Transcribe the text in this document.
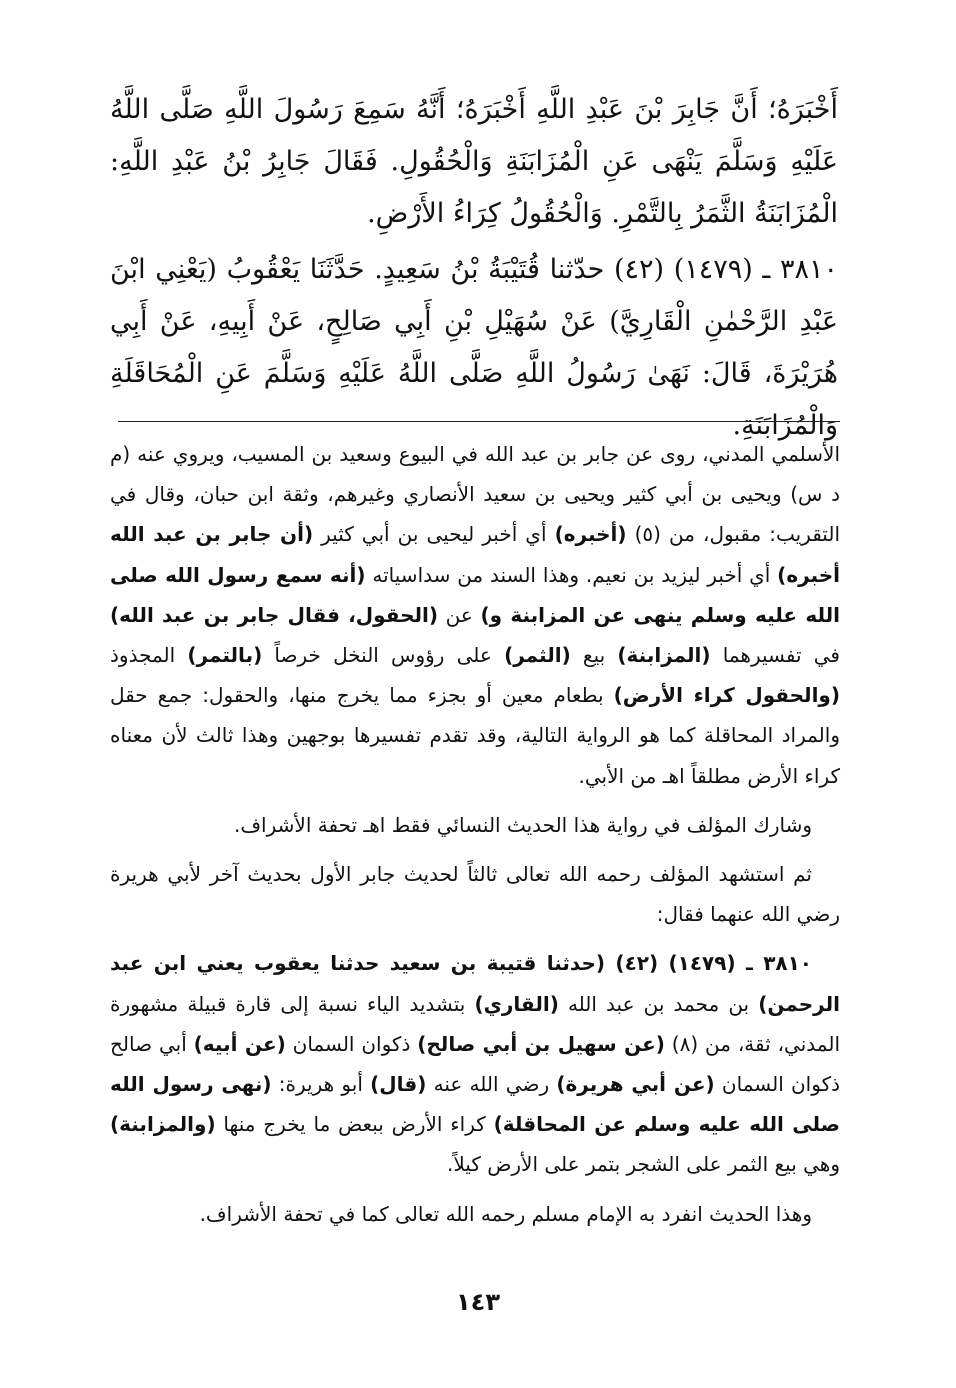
أَخْبَرَهُ؛ أَنَّ جَابِرَ بْنَ عَبْدِ اللَّهِ أَخْبَرَهُ؛ أَنَّهُ سَمِعَ رَسُولَ اللَّهِ صَلَّى اللَّهُ عَلَيْهِ وَسَلَّمَ يَنْهَى عَنِ الْمُزَابَنَةِ وَالْحُقُولِ. فَقَالَ جَابِرُ بْنُ عَبْدِ اللَّهِ: الْمُزَابَنَةُ الثَّمَرُ بِالتَّمْرِ. وَالْحُقُولُ كِرَاءُ الأَرْضِ.
٣٨١٠ ـ (١٤٧٩) (٤٢) حدّثنا قُتَيْبَةُ بْنُ سَعِيدٍ. حَدَّثَنَا يَعْقُوبُ (يَعْنِي ابْنَ عَبْدِ الرَّحْمٰنِ الْقَارِيَّ) عَنْ سُهَيْلِ بْنِ أَبِي صَالِحٍ، عَنْ أَبِيهِ، عَنْ أَبِي هُرَيْرَةَ، قَالَ: نَهَىٰ رَسُولُ اللَّهِ صَلَّى اللَّهُ عَلَيْهِ وَسَلَّمَ عَنِ الْمُحَاقَلَةِ وَالْمُزَابَنَةِ.

الأسلمي المدني، روى عن جابر بن عبد الله في البيوع وسعيد بن المسيب، ويروي عنه (م د س) ويحيى بن أبي كثير ويحيى بن سعيد الأنصاري وغيرهم، وثقة ابن حبان، وقال في التقريب: مقبول، من (٥) (أخبره) أي أخبر ليحيى بن أبي كثير (أن جابر بن عبد الله أخبره) أي أخبر ليزيد بن نعيم. وهذا السند من سداسياته (أنه سمع رسول الله صلى الله عليه وسلم ينهى عن المزابنة و) عن (الحقول، فقال جابر بن عبد الله) في تفسيرهما (المزابنة) بيع (الثمر) على رؤوس النخل خرصاً (بالتمر) المجذوذ (والحقول كراء الأرض) بطعام معين أو بجزء مما يخرج منها، والحقول: جمع حقل والمراد المحاقلة كما هو الرواية التالية، وقد تقدم تفسيرها بوجهين وهذا ثالث لأن معناه كراء الأرض مطلقاً اهـ من الأبي.

وشارك المؤلف في رواية هذا الحديث النسائي فقط اهـ تحفة الأشراف.

ثم استشهد المؤلف رحمه الله تعالى ثالثاً لحديث جابر الأول بحديث آخر لأبي هريرة رضي الله عنهما فقال:

٣٨١٠ ـ (١٤٧٩) (٤٢) (حدثنا قتيبة بن سعيد حدثنا يعقوب يعني ابن عبد الرحمن) بن محمد بن عبد الله (القاري) بتشديد الياء نسبة إلى قارة قبيلة مشهورة المدني، ثقة، من (٨) (عن سهيل بن أبي صالح) ذكوان السمان (عن أبيه) أبي صالح ذكوان السمان (عن أبي هريرة) رضي الله عنه (قال) أبو هريرة: (نهى رسول الله صلى الله عليه وسلم عن المحاقلة) كراء الأرض ببعض ما يخرج منها (والمزابنة) وهي بيع الثمر على الشجر بتمر على الأرض كيلاً.

وهذا الحديث انفرد به الإمام مسلم رحمه الله تعالى كما في تحفة الأشراف.

١٤٣
